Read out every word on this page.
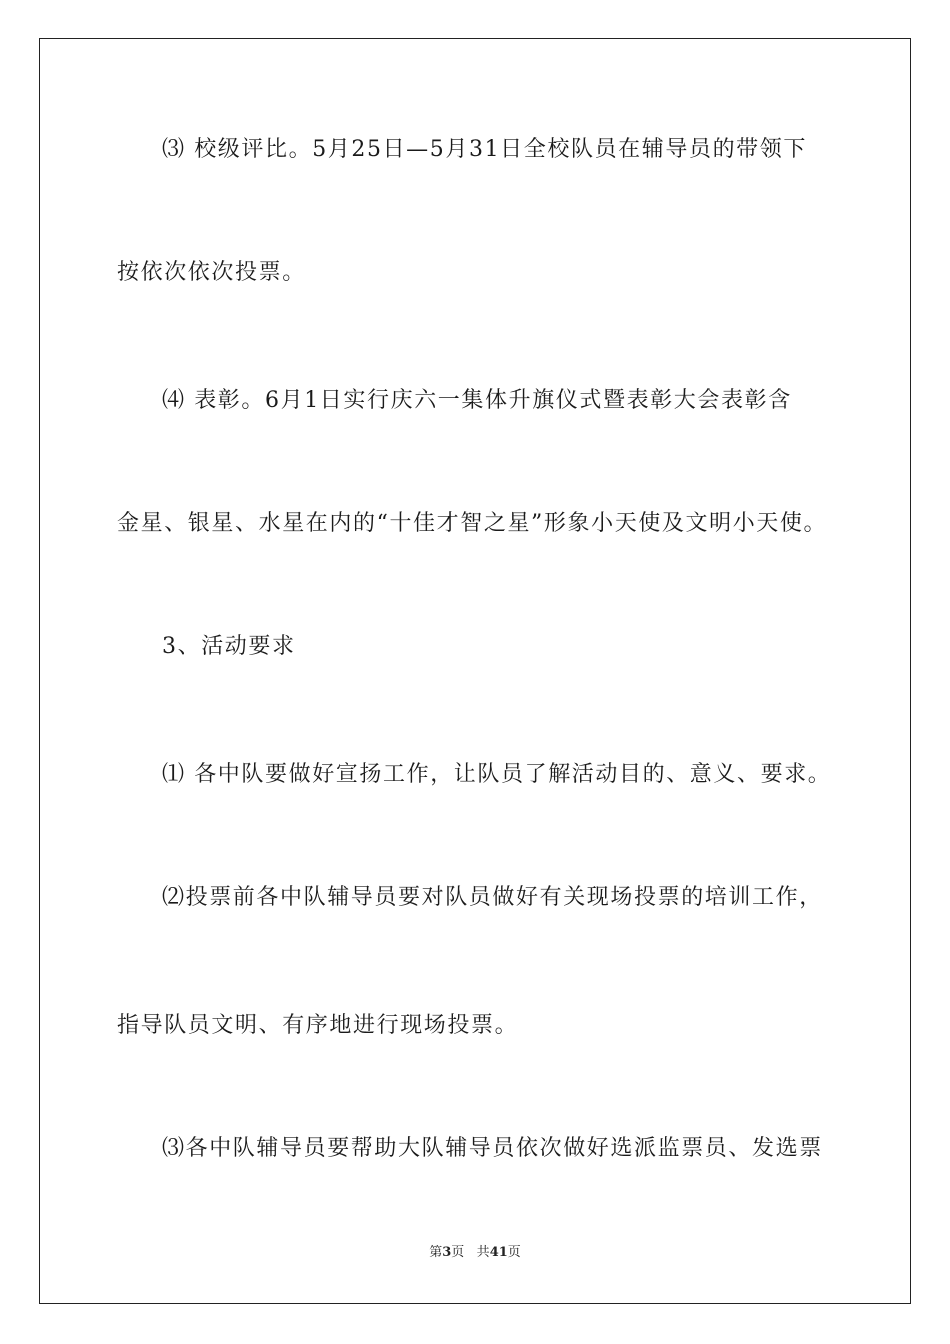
⑶ 校级评比。5月25日—5月31日全校队员在辅导员的带领下
按依次依次投票。
⑷ 表彰。6月1日实行庆六一集体升旗仪式暨表彰大会表彰含
金星、银星、水星在内的“十佳才智之星”形象小天使及文明小天使。
3、活动要求
⑴ 各中队要做好宣扬工作，让队员了解活动目的、意义、要求。
⑵投票前各中队辅导员要对队员做好有关现场投票的培训工作，
指导队员文明、有序地进行现场投票。
⑶各中队辅导员要帮助大队辅导员依次做好选派监票员、发选票
第3页 共41页
